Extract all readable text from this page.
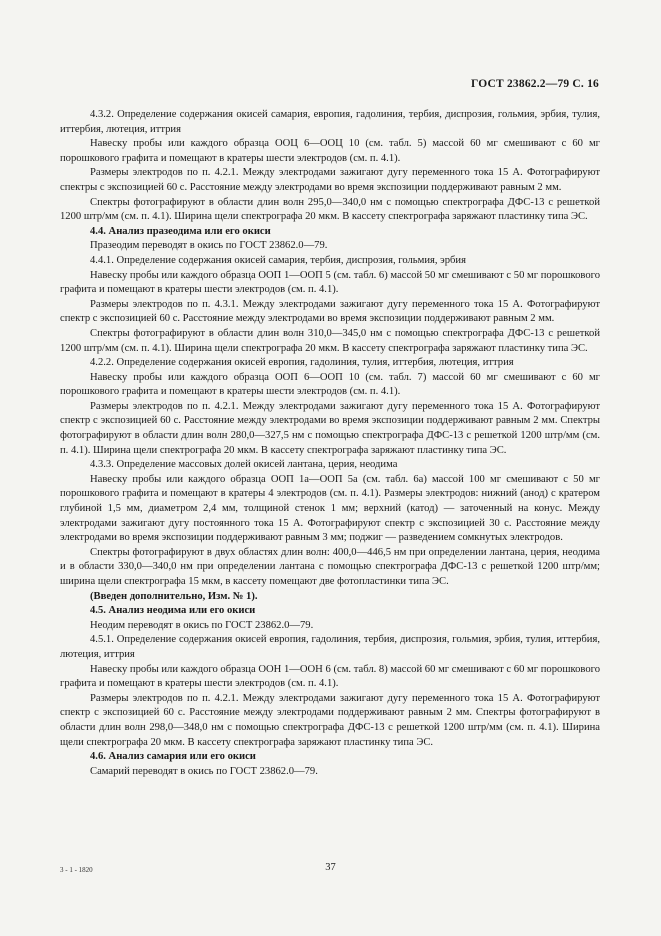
ГОСТ 23862.2—79 С. 16

4.3.2. Определение содержания окисей самария, европия, гадолиния, тербия, диспрозия, гольмия, эрбия, тулия, иттербия, лютеция, иттрия

Навеску пробы или каждого образца ООЦ 6—ООЦ 10 (см. табл. 5) массой 60 мг смешивают с 60 мг порошкового графита и помещают в кратеры шести электродов (см. п. 4.1).

Размеры электродов по п. 4.2.1. Между электродами зажигают дугу переменного тока 15 А. Фотографируют спектры с экспозицией 60 с. Расстояние между электродами во время экспозиции поддерживают равным 2 мм.

Спектры фотографируют в области длин волн 295,0—340,0 нм с помощью спектрографа ДФС-13 с решеткой 1200 штр/мм (см. п. 4.1). Ширина щели спектрографа 20 мкм. В кассету спектрографа заряжают пластинку типа ЭС.

4.4. Анализ празеодима или его окиси

Празеодим переводят в окись по ГОСТ 23862.0—79.

4.4.1. Определение содержания окисей самария, тербия, диспрозия, гольмия, эрбия

Навеску пробы или каждого образца ООП 1—ООП 5 (см. табл. 6) массой 50 мг смешивают с 50 мг порошкового графита и помещают в кратеры шести электродов (см. п. 4.1).

Размеры электродов по п. 4.3.1. Между электродами зажигают дугу переменного тока 15 А. Фотографируют спектр с экспозицией 60 с. Расстояние между электродами во время экспозиции поддерживают равным 2 мм.

Спектры фотографируют в области длин волн 310,0—345,0 нм с помощью спектрографа ДФС-13 с решеткой 1200 штр/мм (см. п. 4.1). Ширина щели спектрографа 20 мкм. В кассету спектрографа заряжают пластинку типа ЭС.

4.2.2. Определение содержания окисей европия, гадолиния, тулия, иттербия, лютеция, иттрия

Навеску пробы или каждого образца ООП 6—ООП 10 (см. табл. 7) массой 60 мг смешивают с 60 мг порошкового графита и помещают в кратеры шести электродов (см. п. 4.1).

Размеры электродов по п. 4.2.1. Между электродами зажигают дугу переменного тока 15 А. Фотографируют спектр с экспозицией 60 с. Расстояние между электродами во время экспозиции поддерживают равным 2 мм. Спектры фотографируют в области длин волн 280,0—327,5 нм с помощью спектрографа ДФС-13 с решеткой 1200 штр/мм (см. п. 4.1). Ширина щели спектрографа 20 мкм. В кассету спектрографа заряжают пластинку типа ЭС.

4.3.3. Определение массовых долей окисей лантана, церия, неодима

Навеску пробы или каждого образца ООП 1а—ООП 5а (см. табл. 6а) массой 100 мг смешивают с 50 мг порошкового графита и помещают в кратеры 4 электродов (см. п. 4.1). Размеры электродов: нижний (анод) с кратером глубиной 1,5 мм, диаметром 2,4 мм, толщиной стенок 1 мм; верхний (катод) — заточенный на конус. Между электродами зажигают дугу постоянного тока 15 А. Фотографируют спектр с экспозицией 30 с. Расстояние между электродами во время экспозиции поддерживают равным 3 мм; поджиг — разведением сомкнутых электродов.

Спектры фотографируют в двух областях длин волн: 400,0—446,5 нм при определении лантана, церия, неодима и в области 330,0—340,0 нм при определении лантана с помощью спектрографа ДФС-13 с решеткой 1200 штр/мм; ширина щели спектрографа 15 мкм, в кассету помещают две фотопластинки типа ЭС.

(Введен дополнительно, Изм. № 1).

4.5. Анализ неодима или его окиси

Неодим переводят в окись по ГОСТ 23862.0—79.

4.5.1. Определение содержания окисей европия, гадолиния, тербия, диспрозия, гольмия, эрбия, тулия, иттербия, лютеция, иттрия

Навеску пробы или каждого образца ООН 1—ООН 6 (см. табл. 8) массой 60 мг смешивают с 60 мг порошкового графита и помещают в кратеры шести электродов (см. п. 4.1).

Размеры электродов по п. 4.2.1. Между электродами зажигают дугу переменного тока 15 А. Фотографируют спектр с экспозицией 60 с. Расстояние между электродами поддерживают равным 2 мм. Спектры фотографируют в области длин волн 298,0—348,0 нм с помощью спектрографа ДФС-13 с решеткой 1200 штр/мм (см. п. 4.1). Ширина щели спектрографа 20 мкм. В кассету спектрографа заряжают пластинку типа ЭС.

4.6. Анализ самария или его окиси

Самарий переводят в окись по ГОСТ 23862.0—79.

3 - 1 - 1820	37
